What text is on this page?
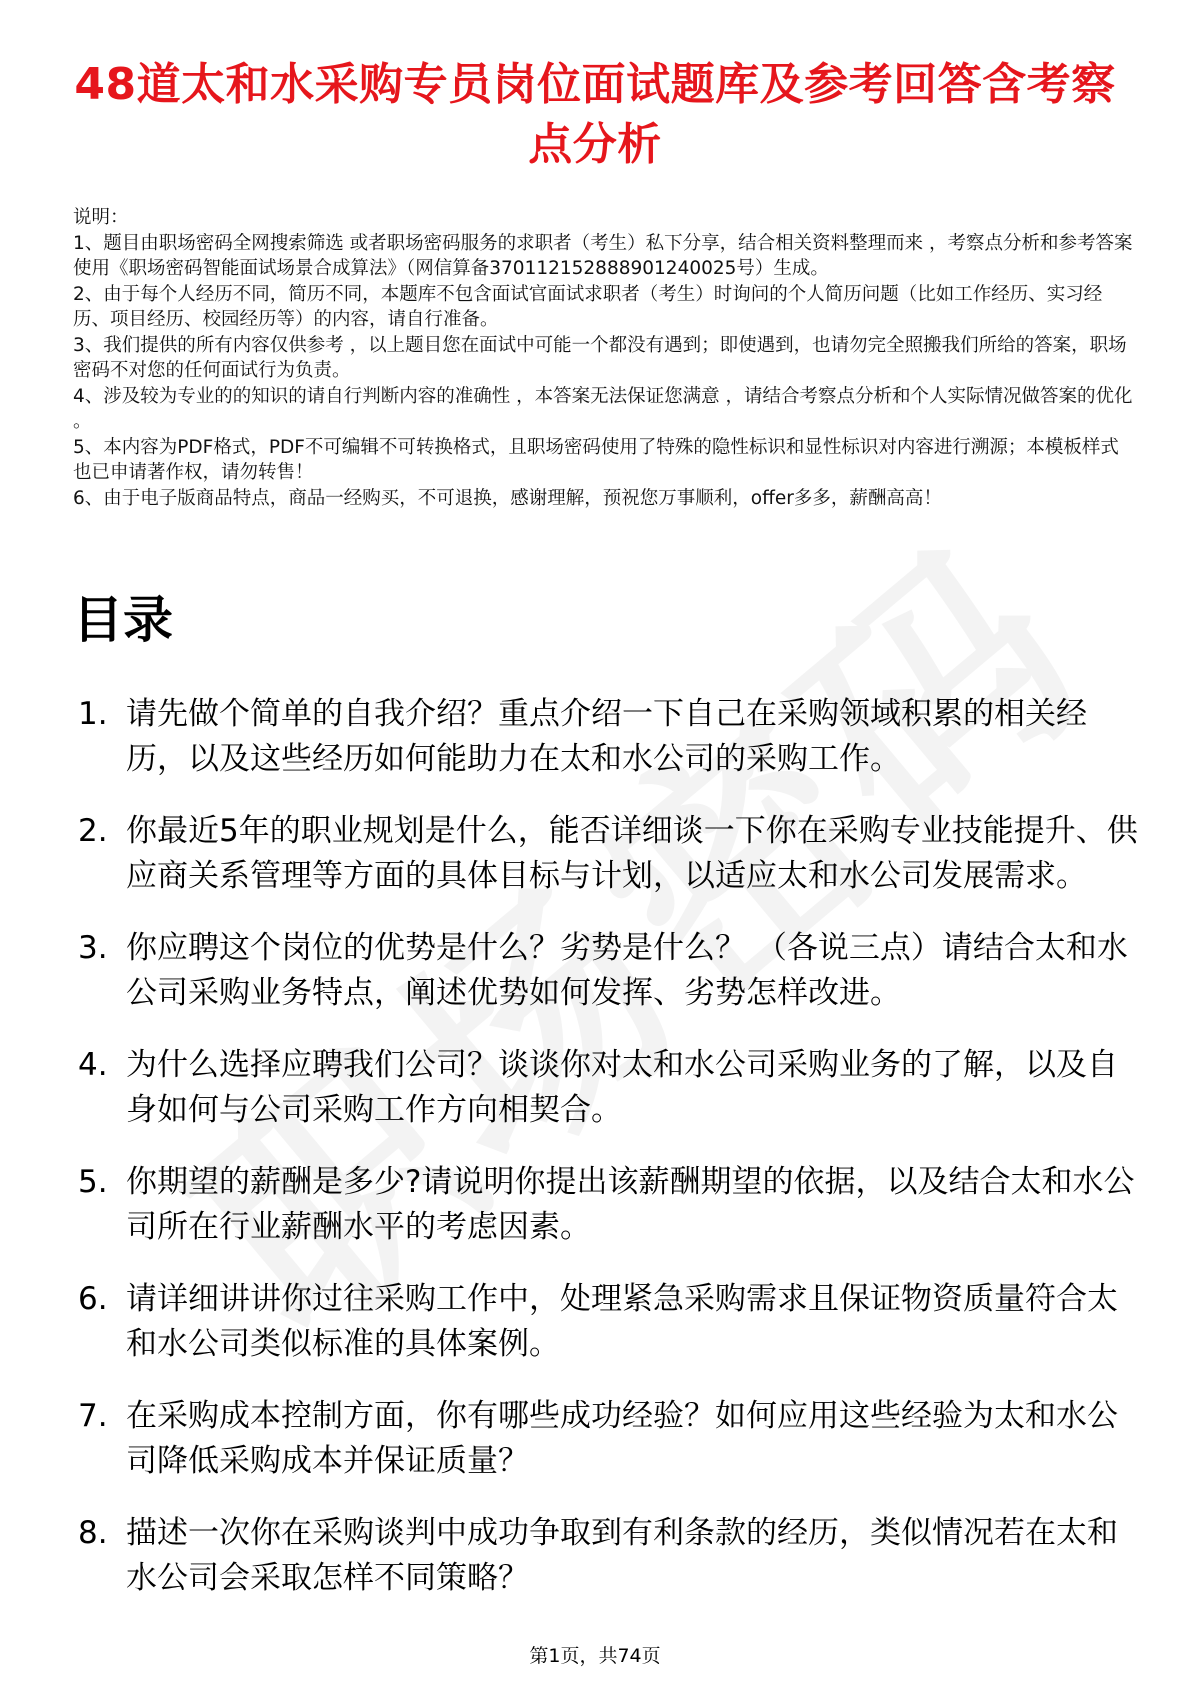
48道太和水采购专员岗位面试题库及参考回答含考察点分析
说明：
1、题目由职场密码全网搜索筛选 或者职场密码服务的求职者（考生）私下分享，结合相关资料整理而来 ，考察点分析和参考答案使用《职场密码智能面试场景合成算法》（网信算备370112152888901240025号）生成。
2、由于每个人经历不同，简历不同，本题库不包含面试官面试求职者（考生）时询问的个人简历问题（比如工作经历、实习经历、项目经历、校园经历等）的内容，请自行准备。
3、我们提供的所有内容仅供参考 ，以上题目您在面试中可能一个都没有遇到；即使遇到，也请勿完全照搬我们所给的答案，职场密码不对您的任何面试行为负责。
4、涉及较为专业的的知识的请自行判断内容的准确性 ，本答案无法保证您满意 ，请结合考察点分析和个人实际情况做答案的优化 。
5、本内容为PDF格式，PDF不可编辑不可转换格式，且职场密码使用了特殊的隐性标识和显性标识对内容进行溯源；本模板样式也已申请著作权，请勿转售！
6、由于电子版商品特点，商品一经购买，不可退换，感谢理解，预祝您万事顺利，offer多多，薪酬高高！
目录
1. 请先做个简单的自我介绍？重点介绍一下自己在采购领域积累的相关经历，以及这些经历如何能助力在太和水公司的采购工作。
2. 你最近5年的职业规划是什么，能否详细谈一下你在采购专业技能提升、供应商关系管理等方面的具体目标与计划，以适应太和水公司发展需求。
3. 你应聘这个岗位的优势是什么？劣势是什么？ （各说三点）请结合太和水公司采购业务特点，阐述优势如何发挥、劣势怎样改进。
4. 为什么选择应聘我们公司？谈谈你对太和水公司采购业务的了解，以及自身如何与公司采购工作方向相契合。
5. 你期望的薪酬是多少?请说明你提出该薪酬期望的依据，以及结合太和水公司所在行业薪酬水平的考虑因素。
6. 请详细讲讲你过往采购工作中，处理紧急采购需求且保证物资质量符合太和水公司类似标准的具体案例。
7. 在采购成本控制方面，你有哪些成功经验？如何应用这些经验为太和水公司降低采购成本并保证质量？
8. 描述一次你在采购谈判中成功争取到有利条款的经历，类似情况若在太和水公司会采取怎样不同策略？
第1页，共74页
